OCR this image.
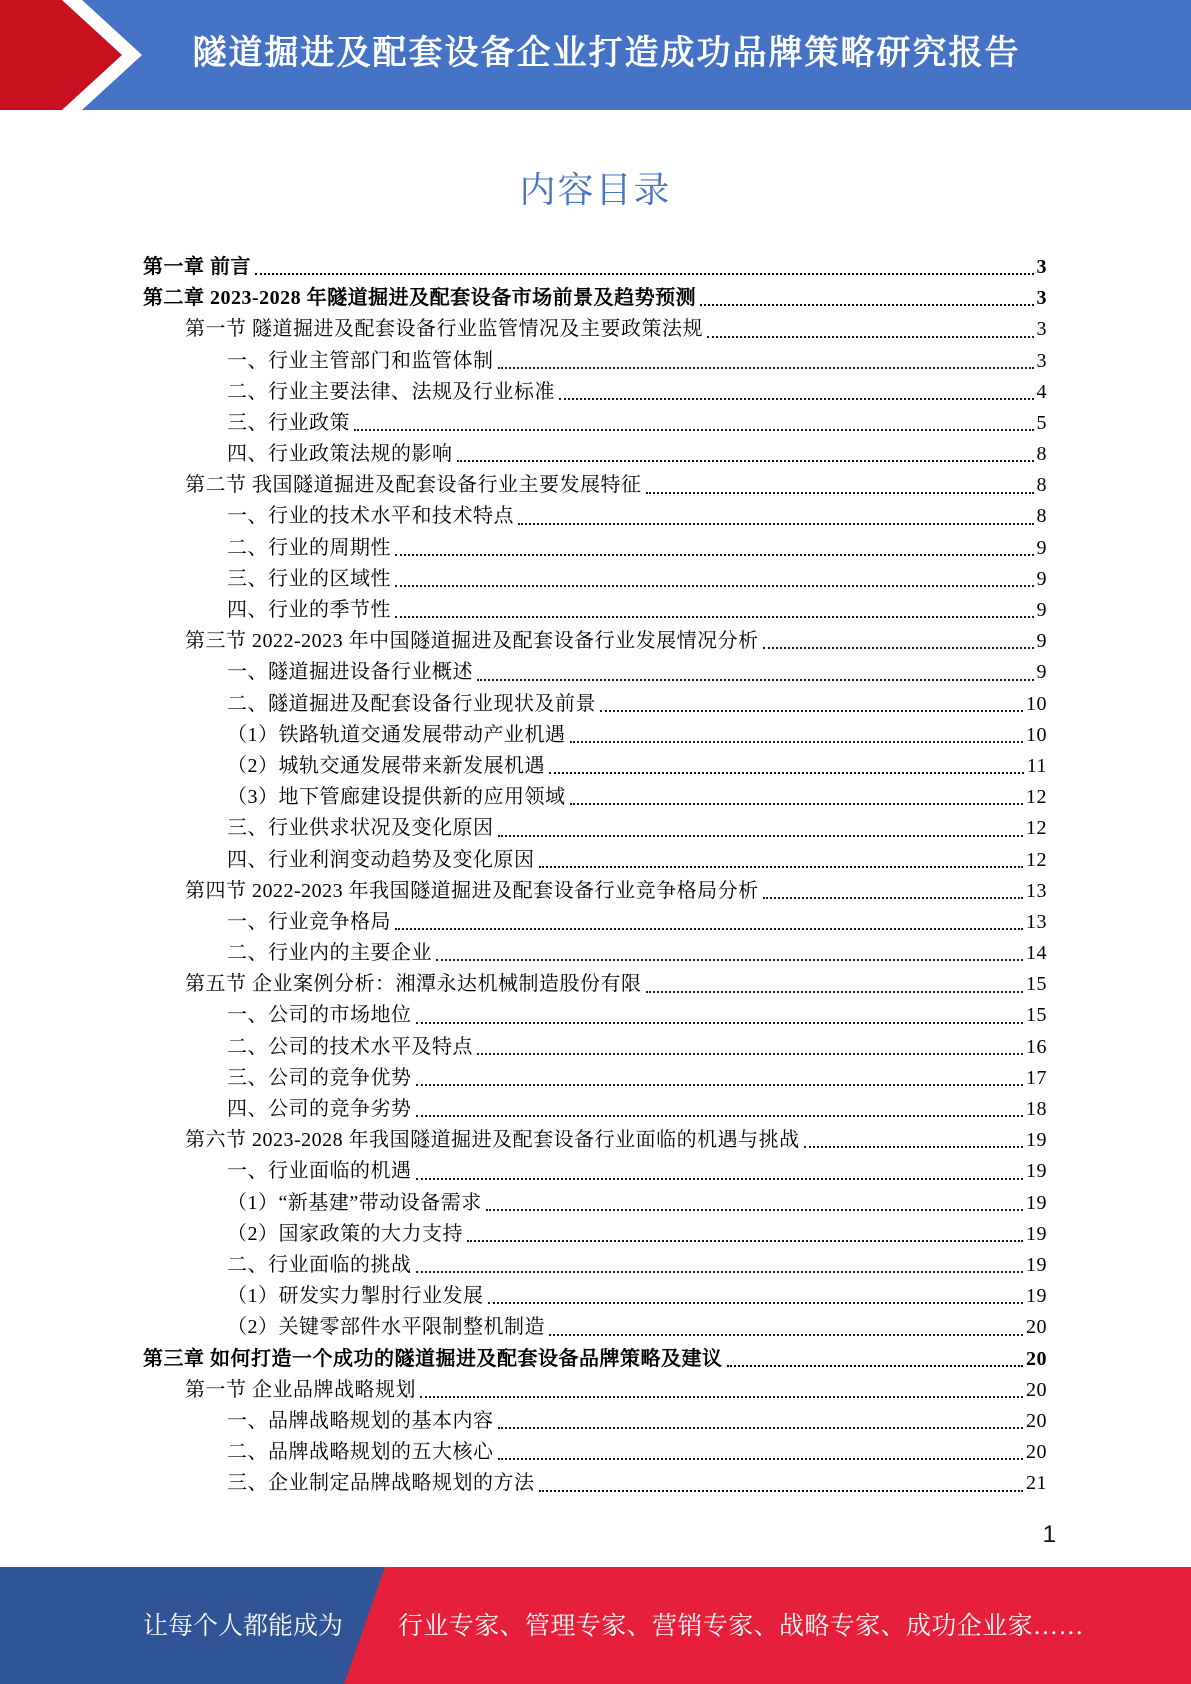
隧道掘进及配套设备企业打造成功品牌策略研究报告
内容目录
第一章 前言	3
第二章 2023-2028 年隧道掘进及配套设备市场前景及趋势预测	3
第一节 隧道掘进及配套设备行业监管情况及主要政策法规	3
一、行业主管部门和监管体制	3
二、行业主要法律、法规及行业标准	4
三、行业政策	5
四、行业政策法规的影响	8
第二节 我国隧道掘进及配套设备行业主要发展特征	8
一、行业的技术水平和技术特点	8
二、行业的周期性	9
三、行业的区域性	9
四、行业的季节性	9
第三节 2022-2023 年中国隧道掘进及配套设备行业发展情况分析	9
一、隧道掘进设备行业概述	9
二、隧道掘进及配套设备行业现状及前景	10
（1）铁路轨道交通发展带动产业机遇	10
（2）城轨交通发展带来新发展机遇	11
（3）地下管廊建设提供新的应用领域	12
三、行业供求状况及变化原因	12
四、行业利润变动趋势及变化原因	12
第四节 2022-2023 年我国隧道掘进及配套设备行业竞争格局分析	13
一、行业竞争格局	13
二、行业内的主要企业	14
第五节 企业案例分析：湘潭永达机械制造股份有限	15
一、公司的市场地位	15
二、公司的技术水平及特点	16
三、公司的竞争优势	17
四、公司的竞争劣势	18
第六节 2023-2028 年我国隧道掘进及配套设备行业面临的机遇与挑战	19
一、行业面临的机遇	19
（1）“新基建”带动设备需求	19
（2）国家政策的大力支持	19
二、行业面临的挑战	19
（1）研发实力掣肘行业发展	19
（2）关键零部件水平限制整机制造	20
第三章 如何打造一个成功的隧道掘进及配套设备品牌策略及建议	20
第一节 企业品牌战略规划	20
一、品牌战略规划的基本内容	20
二、品牌战略规划的五大核心	20
三、企业制定品牌战略规划的方法	21
1
让每个人都能成为 行业专家、管理专家、营销专家、战略专家、成功企业家……
